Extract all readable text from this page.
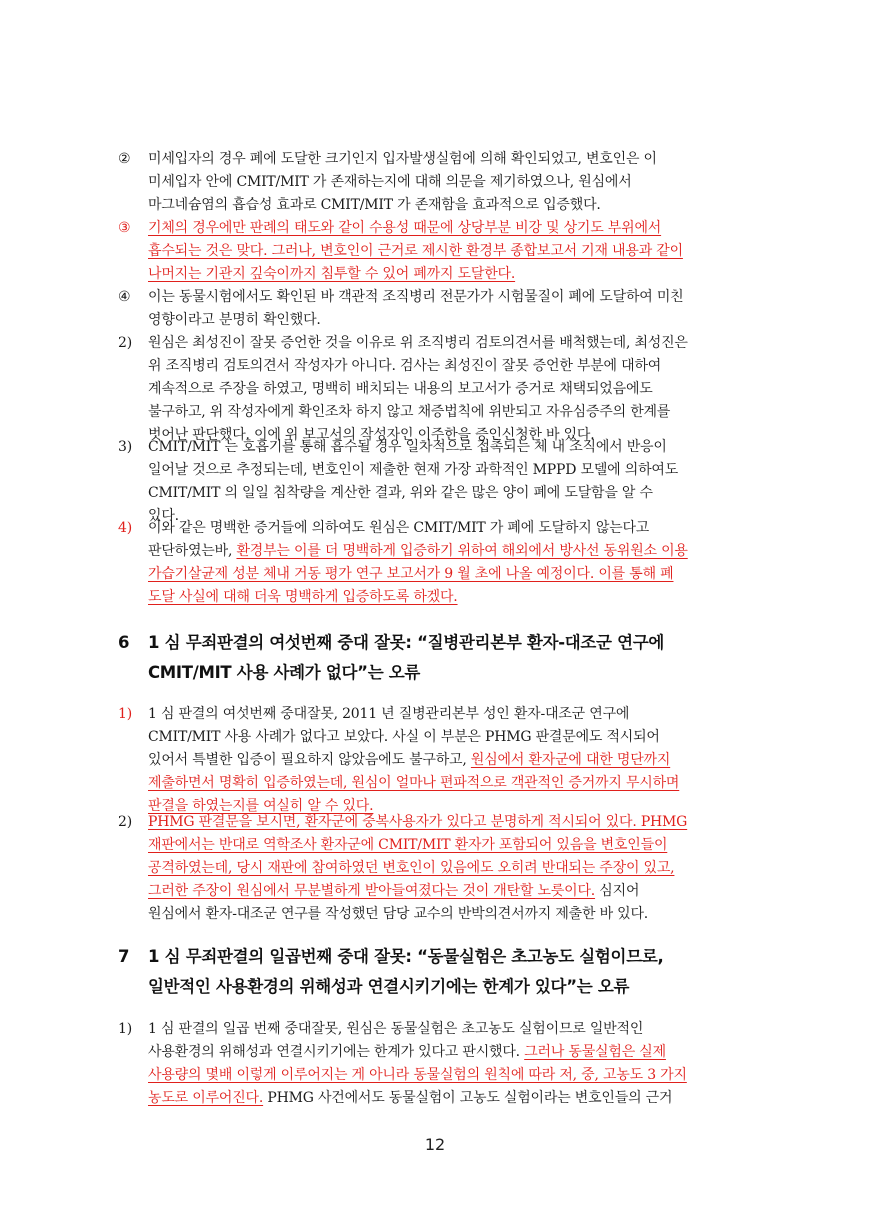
② 미세입자의 경우 폐에 도달한 크기인지 입자발생실험에 의해 확인되었고, 변호인은 이
미세입자 안에 CMIT/MIT 가 존재하는지에 대해 의문을 제기하였으나, 원심에서
마그네슘염의 흡습성 효과로 CMIT/MIT 가 존재함을 효과적으로 입증했다.
③ 기체의 경우에만 판례의 태도와 같이 수용성 때문에 상당부분 비강 및 상기도 부위에서
흡수되는 것은 맞다. 그러나, 변호인이 근거로 제시한 환경부 종합보고서 기재 내용과 같이
나머지는 기관지 깊숙이까지 침투할 수 있어 폐까지 도달한다.
④ 이는 동물시험에서도 확인된 바 객관적 조직병리 전문가가 시험물질이 폐에 도달하여 미친
영향이라고 분명히 확인했다.
2) 원심은 최성진이 잘못 증언한 것을 이유로 위 조직병리 검토의견서를 배척했는데, 최성진은
위 조직병리 검토의견서 작성자가 아니다. 검사는 최성진이 잘못 증언한 부분에 대하여
계속적으로 주장을 하였고, 명백히 배치되는 내용의 보고서가 증거로 채택되었음에도
불구하고, 위 작성자에게 확인조차 하지 않고 채증법칙에 위반되고 자유심증주의 한계를
벗어난 판단했다. 이에 위 보고서의 작성자인 이주한을 증인신청한 바 있다.
3) CMIT/MIT 는 호흡기를 통해 흡수될 경우 일차적으로 접촉되는 체 내 조직에서 반응이
일어날 것으로 추정되는데, 변호인이 제출한 현재 가장 과학적인 MPPD 모델에 의하여도
CMIT/MIT 의 일일 침착량을 계산한 결과, 위와 같은 많은 양이 폐에 도달함을 알 수
있다.
4) 이와 같은 명백한 증거들에 의하여도 원심은 CMIT/MIT 가 폐에 도달하지 않는다고
판단하였는바, 환경부는 이를 더 명백하게 입증하기 위하여 해외에서 방사선 동위원소 이용
가습기살균제 성분 체내 거동 평가 연구 보고서가 9 월 초에 나올 예정이다. 이를 통해 폐
도달 사실에 대해 더욱 명백하게 입증하도록 하겠다.
6 1 심 무죄판결의 여섯번째 중대 잘못: “질병관리본부 환자-대조군 연구에
CMIT/MIT 사용 사례가 없다”는 오류
1) 1 심 판결의 여섯번째 중대잘못, 2011 년 질병관리본부 성인 환자-대조군 연구에
CMIT/MIT 사용 사례가 없다고 보았다. 사실 이 부분은 PHMG 판결문에도 적시되어
있어서 특별한 입증이 필요하지 않았음에도 불구하고, 원심에서 환자군에 대한 명단까지
제출하면서 명확히 입증하였는데, 원심이 얼마나 편파적으로 객관적인 증거까지 무시하며
판결을 하였는지를 여실히 알 수 있다.
2) PHMG 판결문을 보시면, 환자군에 중복사용자가 있다고 분명하게 적시되어 있다. PHMG
재판에서는 반대로 역학조사 환자군에 CMIT/MIT 환자가 포함되어 있음을 변호인들이
공격하였는데, 당시 재판에 참여하였던 변호인이 있음에도 오히려 반대되는 주장이 있고,
그러한 주장이 원심에서 무분별하게 받아들여졌다는 것이 개탄할 노릇이다. 심지어
원심에서 환자-대조군 연구를 작성했던 담당 교수의 반박의견서까지 제출한 바 있다.
7 1 심 무죄판결의 일곱번째 중대 잘못: “동물실험은 초고농도 실험이므로,
일반적인 사용환경의 위해성과 연결시키기에는 한계가 있다”는 오류
1) 1 심 판결의 일곱 번째 중대잘못, 원심은 동물실험은 초고농도 실험이므로 일반적인
사용환경의 위해성과 연결시키기에는 한계가 있다고 판시했다. 그러나 동물실험은 실제
사용량의 몇배 이렇게 이루어지는 게 아니라 동물실험의 원칙에 따라 저, 중, 고농도 3 가지
농도로 이루어진다. PHMG 사건에서도 동물실험이 고농도 실험이라는 변호인들의 근거
12
